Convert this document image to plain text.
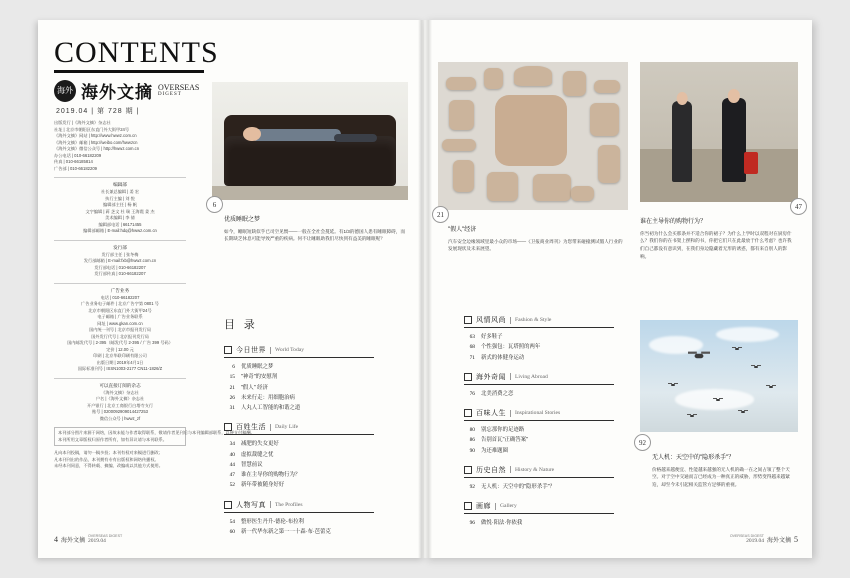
CONTENTS
海外 海外文摘 OVERSEAS
DIGEST
2019.04 | 第 728 期 |
出版发行 |《海外文摘》杂志社
社址 | 北京市朝阳区东直门外大街甲24号
《海外文摘》网站 | http://www.hwwz.com.cn
《海外文摘》邮箱 | http://weibo.com/hwwzcn
《海外文摘》微信公众号 | http://hwwz.com.cn
办公电话 | 010-66182209
传真 | 010-66185814
广告部 | 010-66182209
编辑部
社长兼总编辑 | 姜 宏
执行主编 | 刘 悦
编辑部主任 | 杨 帆
文字编辑 | 蒋 芝文 杜 瑞 王海霞 姜 杰
美术编辑 | 李 倩
编辑部电话 | 66171455
编辑部邮箱 | E-mail:hdq@hwwz.com.cn
发行部
发行部主任 | 张冬梅
发行部邮箱 | E-mail:fxb@hwwz.com.cn
发行部电话 | 010-66182207
发行部传真 | 010-66182207
广告业务
电话 | 010-66182207
广告业务电子邮件 | 北京广告字第 0801 号
北京市朝阳区东直门外大街甲24号
电子邮箱 | 广告业务联系
网址 | www.gkan.com.cn
国内统一刊号 | 北京市报刊发行局
国外发行代号 | 北京报刊发行局
国内邮发代号 | 2-395（邮发代号 2-395 / 广告 399 号码）
定价 | 12.00 元
印刷 | 北京华联印刷有限公司
出版日期 | 2019年4月1日
国际标准刊号 | ISSN1003-2177 CN11-1826/Z
可以直接订阅的杂志
《海外文摘》杂志社
户名 |《海外文摘》杂志社
开户银行 | 北京工商银行白塔寺支行
账号 | 0200092909014427253
微信公众号 | hwwz_zf
本刊部分图片来源于网络，因故未能与作者取得联系，敬请作者见刊后与本刊编辑部联系，以便支付稿酬。
本刊所用文章版权归原作者所有，如有异议请与本刊联系。
凡向本刊投稿，请勿一稿多投；本刊有权对来稿进行删改；
凡本刊刊出的作品，本刊拥有专有出版权和网络传播权。
未经本刊同意，不得转载、摘编、改编或以其他方式使用。
6
优质睡眠之梦
如今，睡眠短缺似乎已司空见惯——一般在全社会蔓延。有1/3的德国人患有睡眠障碍，而长期缺乏休息可能导致严重的疾病。何不让睡眠助我们尽快到有益美的睡眠呢？
目 录
今日世界 World Today
6 优质睡眠之梦
15 "神奇"的安慰剂
21 "假人" 经济
26 未来行走：用细胞治病
31 人丸人工智能的和谐之道
百姓生活 Daily Life
34 减肥的失女更好
40 虚拟裁缝之忧
44 智慧前议
47 谁在主导你的购物行为？
52 新年带被随身好好
人物写真 The Profiles
54 整形医生丹升-德伦-布拉利
60 新一代华东新之第一一十森·布·芭蕾克
4 海外文摘
OVERSEAS DIGEST
2019.04
21
"假人"经济
汽车安全边缘领域里最小众的市场——《卫报商业周刊》为您带来碰撞测试假人行业的发展现状及未来展望。
47
谁在主导你的购物行为？
你当初为什么会买那条并不适合你的裙子？为什么上学时以双程对在厨房什么？我们你的在书架上摆和的书，你把它们只在此最放于什么考虑？也许我们自己都没有意识到，在我们身边隐藏着无形的诱惑，都有来自别人的影响。
92
无人机：天空中的"隐形杀手"？
价格越来越便宜、性能越来越强的无人机的确一在之间占领了整个天空。对于空中交通而言已经成为一种真正的威胁，形势变得越来越紧迫，却至今未引起相关监管方足够的重视。
风情风尚 Fashion & Style
63 好多鞋子
68 个性强包：瓦塔照的两年
71 新式的体健身运动
海外奇闻 Living Abroad
76 北美消费之恋
百味人生 Inspirational Stories
80 别忘那你的足迹路
86 告别首瓦"正确答案"
90 为还难题圈
历史自然 History & Nature
92 无人机：天空中的"隐形杀手"？
画廊 Gallery
96 做悦·阳法·你依我
OVERSEAS DIGEST
2019.04 海外文摘 5
